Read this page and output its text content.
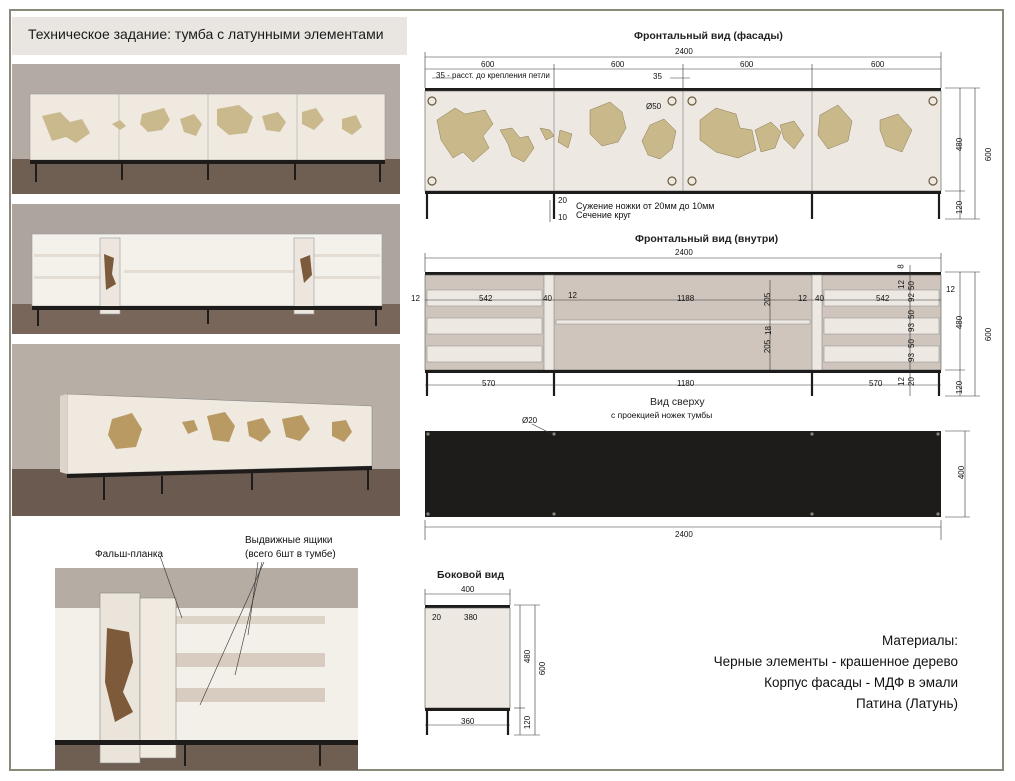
Техническое задание: тумба с латунными элементами
Фальш-планка
Выдвижные ящики
(всего 6шт в тумбе)
Фронтальный вид (фасады)
2400
600	600	600	600
35 - расст. до крепления петли	35
Ø50
600
480
120
20
10
Сужение ножки от 20мм до 10мм
Сечение круг
Фронтальный вид (внутри)
2400
12	542	40 12	1188	12 40	542
12
205
18
205
8
12 50
92
50
93
50
93
12 20
570	1180	570
600
480
120
Вид сверху
с проекцией ножек тумбы
Ø20
400
2400
Боковой вид
400
20	380
360
480
600
120
Материалы:
Черные элементы - крашенное дерево
Корпус фасады - МДФ в эмали
Патина (Латунь)
